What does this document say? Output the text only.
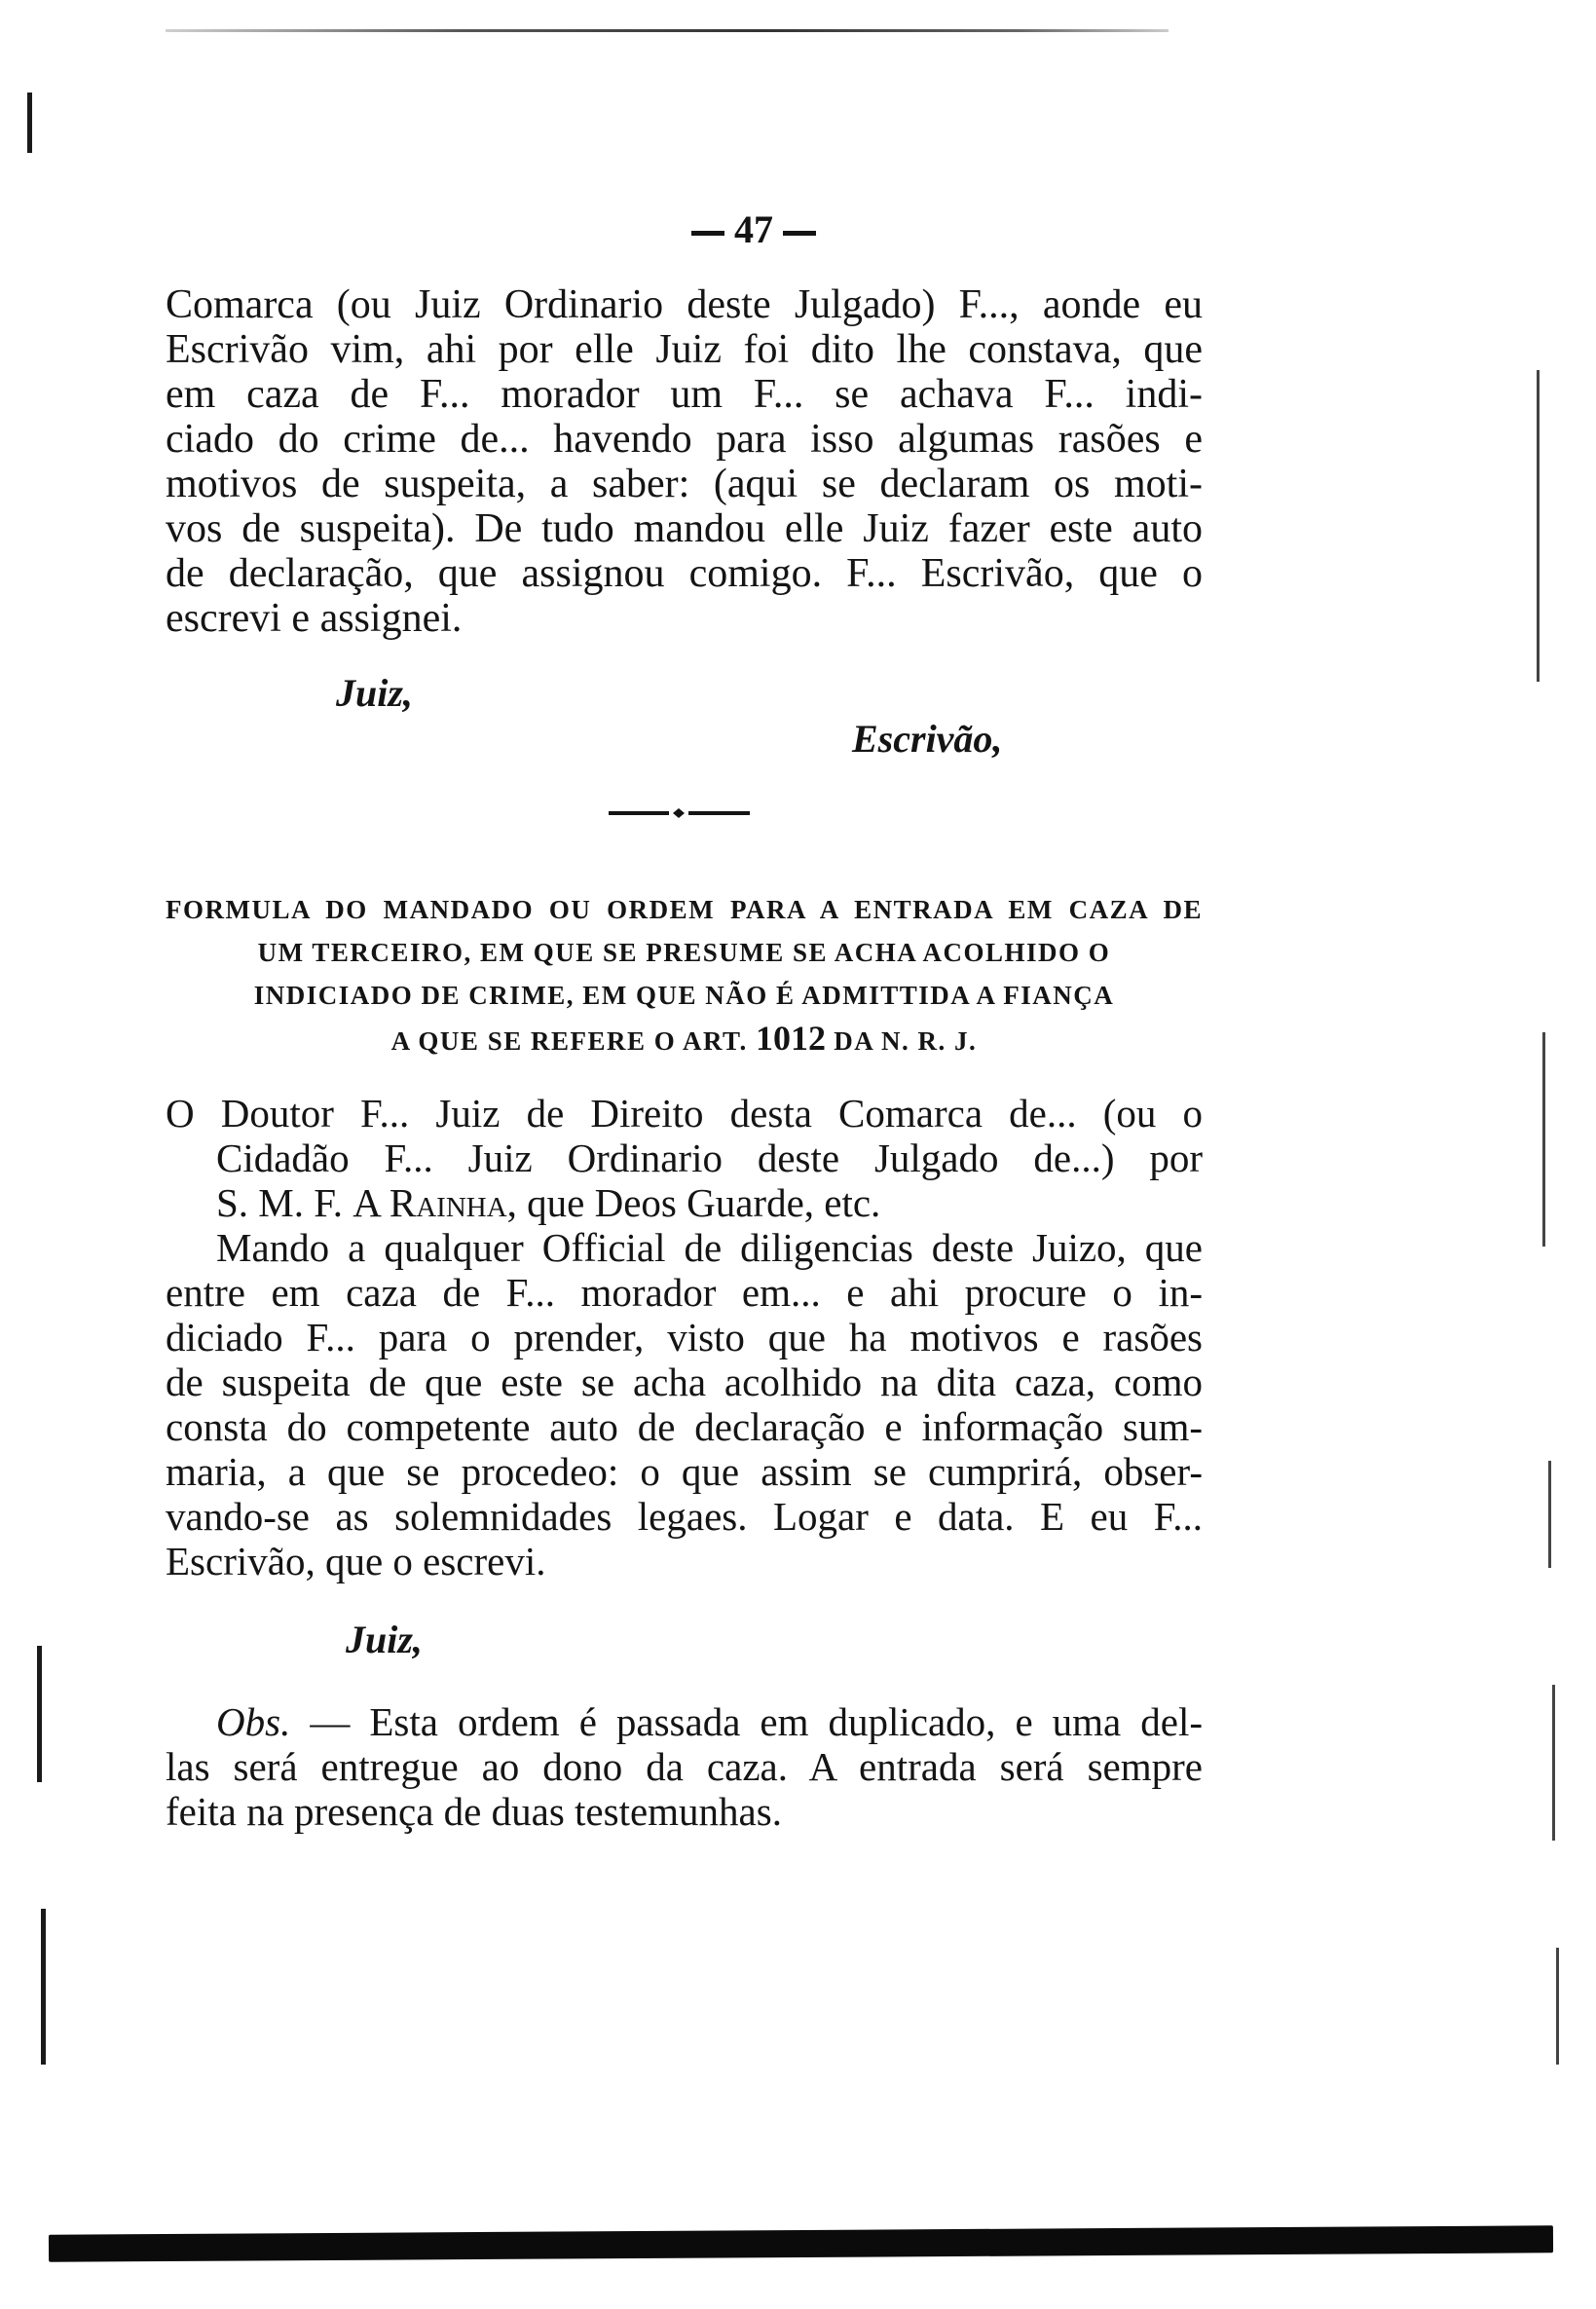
47
Comarca (ou Juiz Ordinario deste Julgado) F..., aonde eu
Escrivão vim, ahi por elle Juiz foi dito lhe constava, que
em caza de F... morador um F... se achava F... indi-
ciado do crime de... havendo para isso algumas rasões e
motivos de suspeita, a saber: (aqui se declaram os moti-
vos de suspeita). De tudo mandou elle Juiz fazer este auto
de declaração, que assignou comigo. F... Escrivão, que o
escrevi e assignei.
Juiz,
Escrivão,
FORMULA DO MANDADO OU ORDEM PARA A ENTRADA EM CAZA DE
UM TERCEIRO, EM QUE SE PRESUME SE ACHA ACOLHIDO O
INDICIADO DE CRIME, EM QUE NÃO É ADMITTIDA A FIANÇA
A QUE SE REFERE O ART. 1012 DA N. R. J.
O Doutor F... Juiz de Direito desta Comarca de... (ou o
Cidadão F... Juiz Ordinario deste Julgado de...) por
S. M. F. A Rainha, que Deos Guarde, etc.
Mando a qualquer Official de diligencias deste Juizo, que
entre em caza de F... morador em... e ahi procure o in-
diciado F... para o prender, visto que ha motivos e rasões
de suspeita de que este se acha acolhido na dita caza, como
consta do competente auto de declaração e informação sum-
maria, a que se procedeo: o que assim se cumprirá, obser-
vando-se as solemnidades legaes. Logar e data. E eu F...
Escrivão, que o escrevi.
Juiz,
Obs. — Esta ordem é passada em duplicado, e uma del-
las será entregue ao dono da caza. A entrada será sempre
feita na presença de duas testemunhas.
